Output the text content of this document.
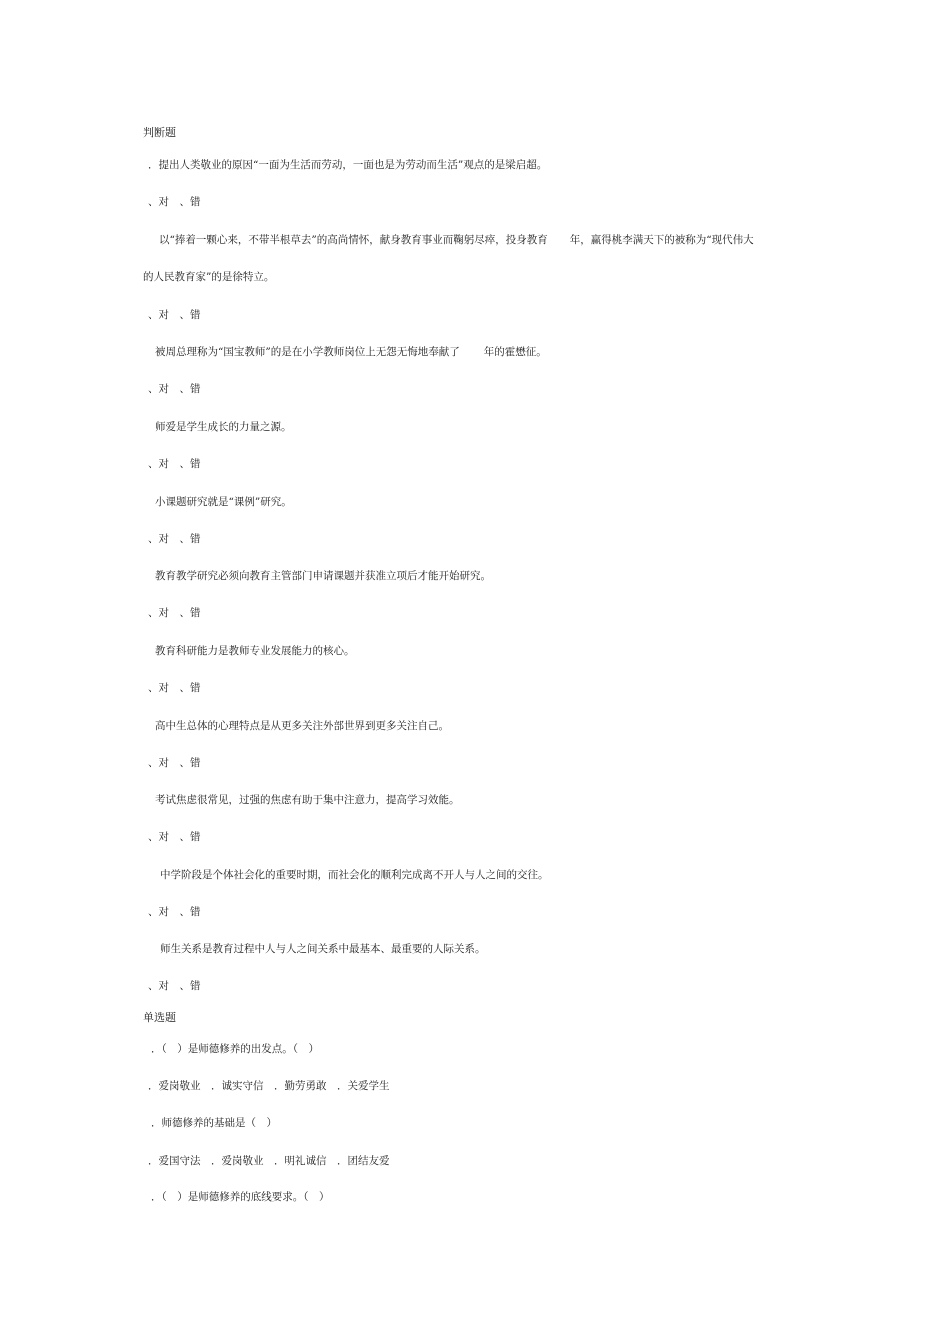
判断题
．提出人类敬业的原因“一面为生活而劳动，一面也是为劳动而生活”观点的是梁启超。
、对　、错
以“捧着一颗心来，不带半根草去”的高尚情怀，献身教育事业而鞠躬尽瘁，投身教育 年，赢得桃李满天下的被称为“现代伟大
的人民教育家”的是徐特立。
、对　、错
被周总理称为“国宝教师”的是在小学教师岗位上无怨无悔地奉献了 年的霍懋征。
、对　、错
师爱是学生成长的力量之源。
、对　、错
小课题研究就是“课例”研究。
、对　、错
教育教学研究必须向教育主管部门申请课题并获准立项后才能开始研究。
、对　、错
教育科研能力是教师专业发展能力的核心。
、对　、错
高中生总体的心理特点是从更多关注外部世界到更多关注自己。
、对　、错
考试焦虑很常见，过强的焦虑有助于集中注意力，提高学习效能。
、对　、错
中学阶段是个体社会化的重要时期，而社会化的顺利完成离不开人与人之间的交往。
、对　、错
师生关系是教育过程中人与人之间关系中最基本、最重要的人际关系。
、对　、错
单选题
．（　）是师德修养的出发点。（　）
．爱岗敬业　．诚实守信　．勤劳勇敢　．关爱学生
．师德修养的基础是（　）
．爱国守法　．爱岗敬业　．明礼诚信　．团结友爱
．（　）是师德修养的底线要求。（　）
